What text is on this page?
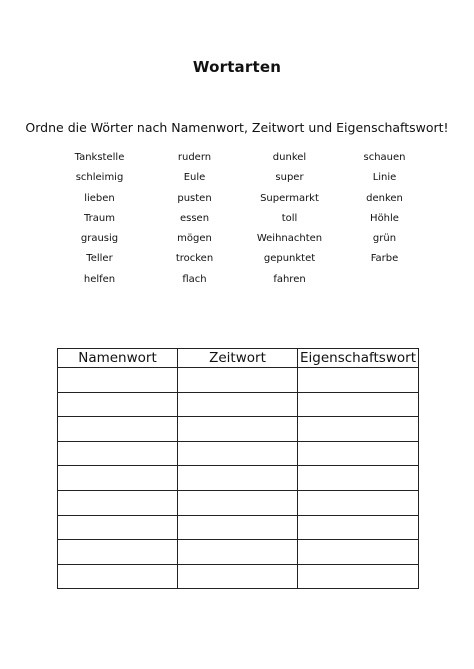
Wortarten
Ordne die Wörter nach Namenwort, Zeitwort und Eigenschaftswort!
Tankstelle	rudern	dunkel	schauen
schleimig	Eule	super	Linie
lieben	pusten	Supermarkt	denken
Traum	essen	toll	Höhle
grausig	mögen	Weihnachten	grün
Teller	trocken	gepunktet	Farbe
helfen	flach	fahren
Namenwort	Zeitwort	Eigenschaftswort
